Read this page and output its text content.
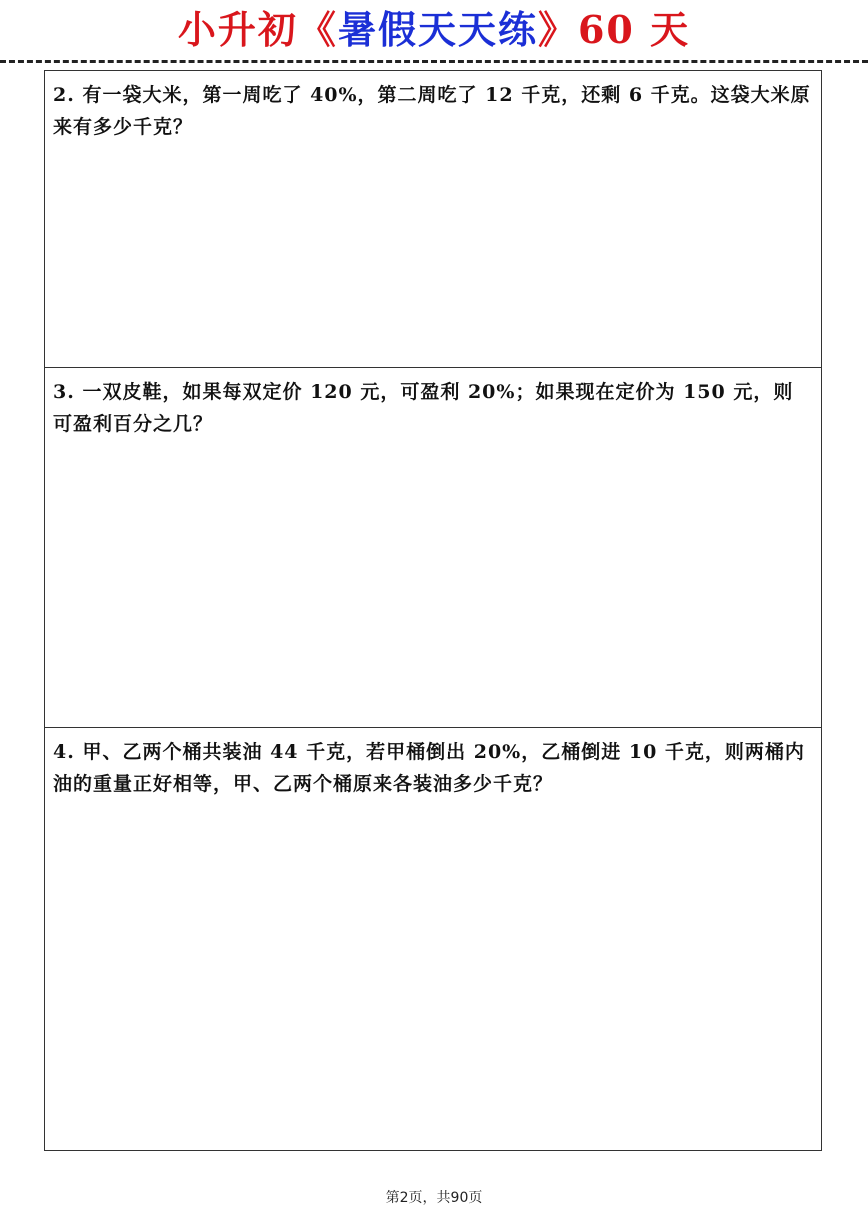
小升初《暑假天天练》60 天

2. 有一袋大米，第一周吃了 40%，第二周吃了 12 千克，还剩 6 千克。这袋大米原来有多少千克？

3. 一双皮鞋，如果每双定价 120 元，可盈利 20%；如果现在定价为 150 元，则可盈利百分之几？

4. 甲、乙两个桶共装油 44 千克，若甲桶倒出 20%，乙桶倒进 10 千克，则两桶内油的重量正好相等，甲、乙两个桶原来各装油多少千克？

第2页，共90页
